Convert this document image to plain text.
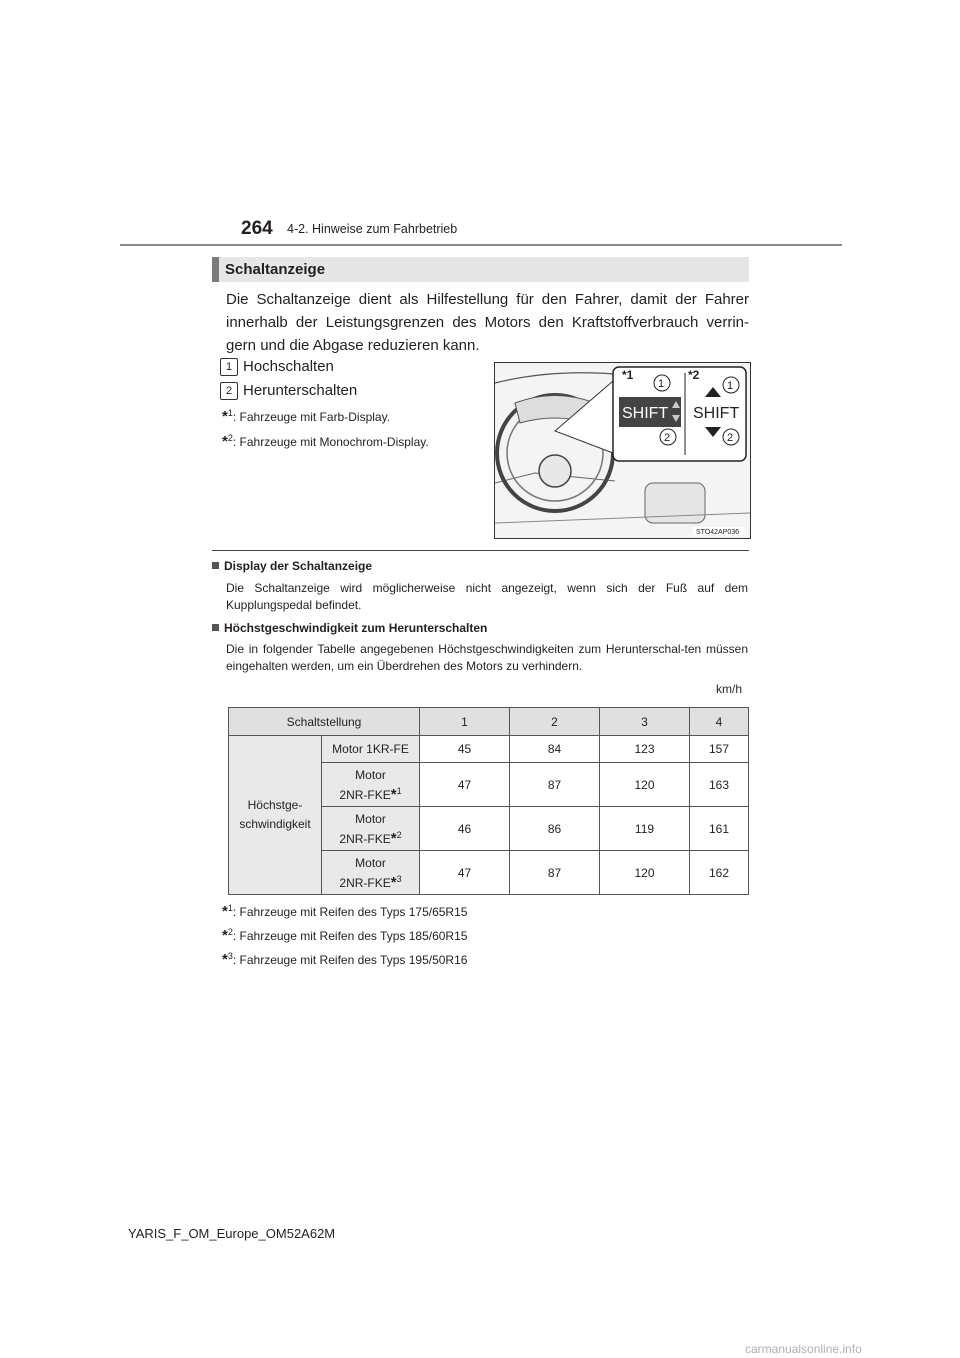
264 4-2. Hinweise zum Fahrbetrieb
Schaltanzeige
Die Schaltanzeige dient als Hilfestellung für den Fahrer, damit der Fahrer innerhalb der Leistungsgrenzen des Motors den Kraftstoffverbrauch verrin-gern und die Abgase reduzieren kann.
1 Hochschalten
2 Herunterschalten
*$^1$: Fahrzeuge mit Farb-Display.
*$^2$: Fahrzeuge mit Monochrom-Display.
*1	*2
SHIFT SHIFT
1
2
1
2
STO42AP036
Display der Schaltanzeige
Die Schaltanzeige wird möglicherweise nicht angezeigt, wenn sich der Fuß auf dem Kupplungspedal befindet.
Höchstgeschwindigkeit zum Herunterschalten
Die in folgender Tabelle angegebenen Höchstgeschwindigkeiten zum Herunterschal-ten müssen eingehalten werden, um ein Überdrehen des Motors zu verhindern.
km/h
Schaltstellung		1	2	3	4
Höchstge-
schwindigkeit	Motor 1KR-FE	45	84	123	157
	Motor
2NR-FKE*$^1$	47	87	120	163
	Motor
2NR-FKE*$^2$	46	86	119	161
	Motor
2NR-FKE*$^3$	47	87	120	162
*$^1$: Fahrzeuge mit Reifen des Typs 175/65R15
*$^2$: Fahrzeuge mit Reifen des Typs 185/60R15
*$^3$: Fahrzeuge mit Reifen des Typs 195/50R16
YARIS_F_OM_Europe_OM52A62M
carmanualsonline.info
